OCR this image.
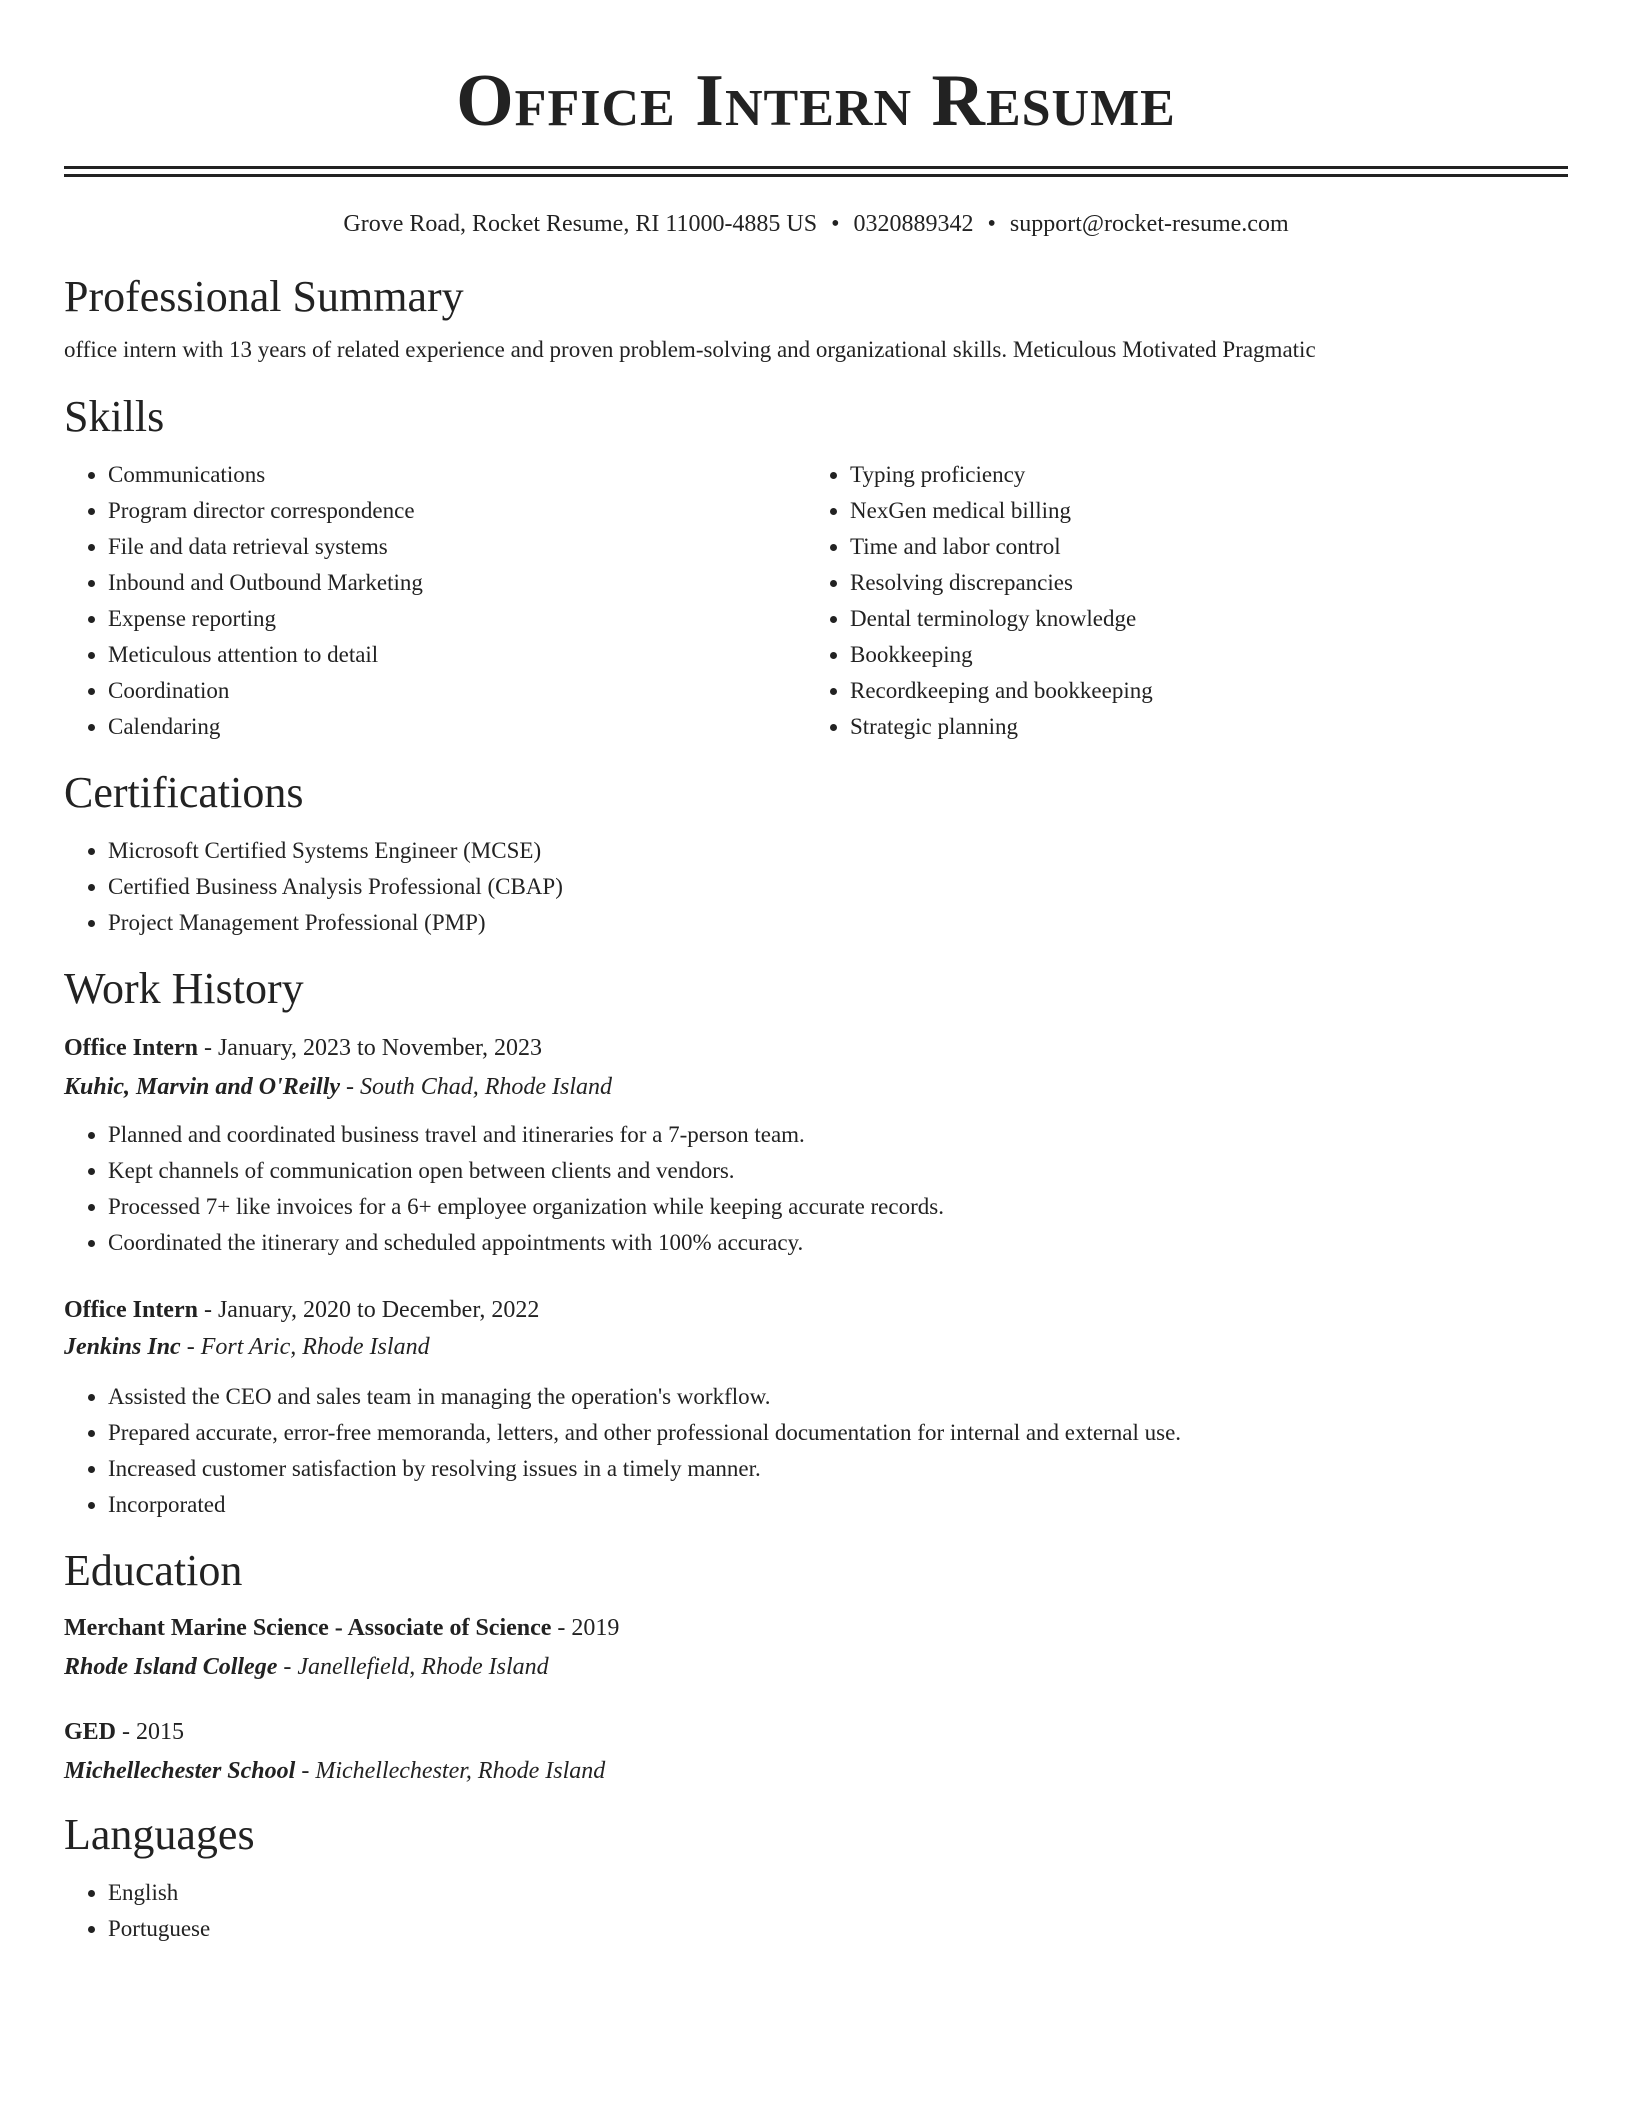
Office Intern Resume
Grove Road, Rocket Resume, RI 11000-4885 US • 0320889342 • support@rocket-resume.com
Professional Summary

office intern with 13 years of related experience and proven problem-solving and organizational skills. Meticulous Motivated Pragmatic

Skills
• Communications
• Program director correspondence
• File and data retrieval systems
• Inbound and Outbound Marketing
• Expense reporting
• Meticulous attention to detail
• Coordination
• Calendaring
• Typing proficiency
• NexGen medical billing
• Time and labor control
• Resolving discrepancies
• Dental terminology knowledge
• Bookkeeping
• Recordkeeping and bookkeeping
• Strategic planning
Certifications
• Microsoft Certified Systems Engineer (MCSE)
• Certified Business Analysis Professional (CBAP)
• Project Management Professional (PMP)
Work History
Office Intern - January, 2023 to November, 2023
Kuhic, Marvin and O'Reilly - South Chad, Rhode Island
• Planned and coordinated business travel and itineraries for a 7-person team.
• Kept channels of communication open between clients and vendors.
• Processed 7+ like invoices for a 6+ employee organization while keeping accurate records.
• Coordinated the itinerary and scheduled appointments with 100% accuracy.
Office Intern - January, 2020 to December, 2022
Jenkins Inc - Fort Aric, Rhode Island
• Assisted the CEO and sales team in managing the operation's workflow.
• Prepared accurate, error-free memoranda, letters, and other professional documentation for internal and external use.
• Increased customer satisfaction by resolving issues in a timely manner.
• Incorporated
Education
Merchant Marine Science - Associate of Science - 2019
Rhode Island College - Janellefield, Rhode Island
GED - 2015
Michellechester School - Michellechester, Rhode Island
Languages
• English
• Portuguese
